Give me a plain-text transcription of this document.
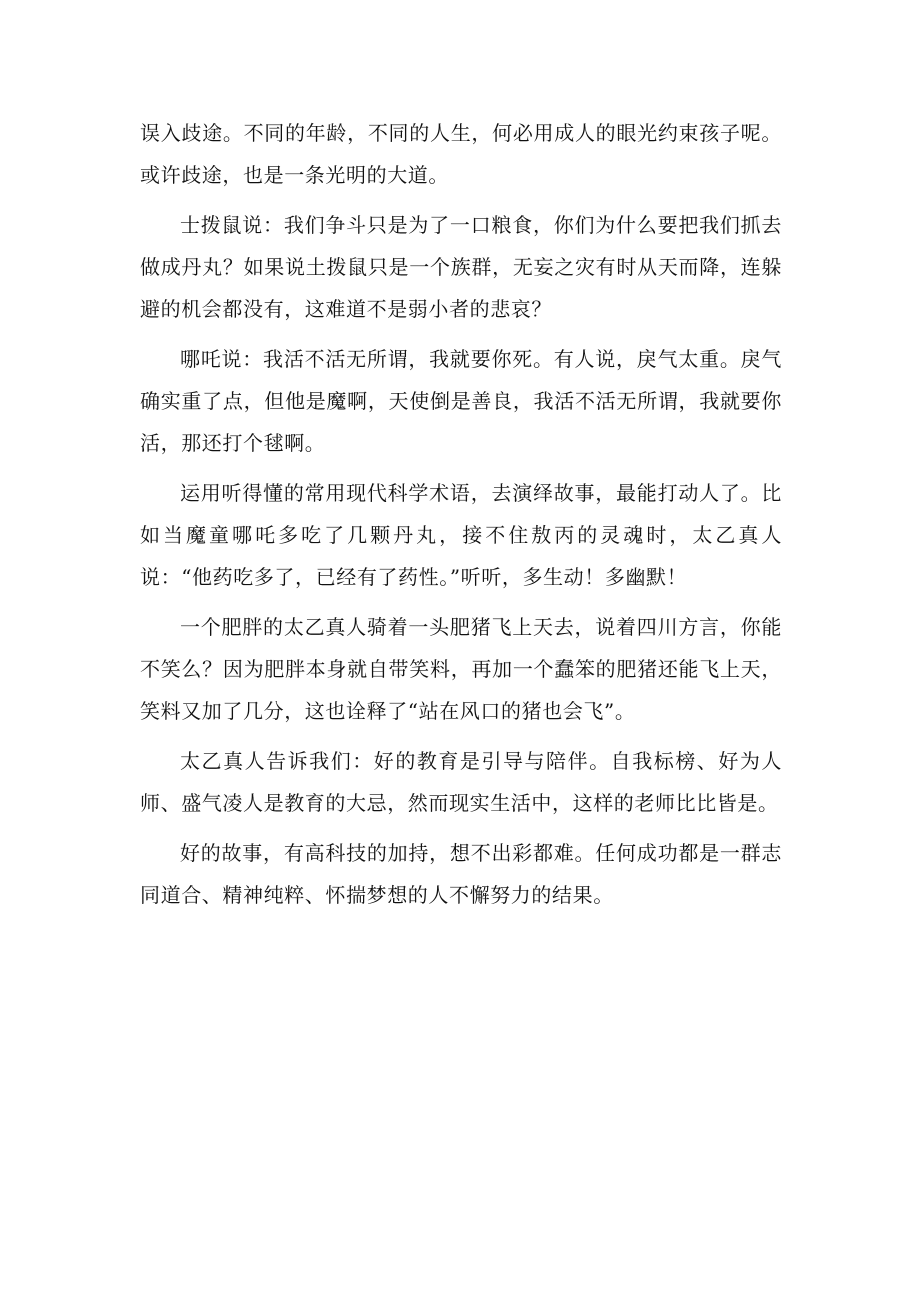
误入歧途。不同的年龄，不同的人生，何必用成人的眼光约束孩子呢。或许歧途，也是一条光明的大道。

士拨鼠说：我们争斗只是为了一口粮食，你们为什么要把我们抓去做成丹丸？如果说土拨鼠只是一个族群，无妄之灾有时从天而降，连躲避的机会都没有，这难道不是弱小者的悲哀？

哪吒说：我活不活无所谓，我就要你死。有人说，戾气太重。戾气确实重了点，但他是魔啊，天使倒是善良，我活不活无所谓，我就要你活，那还打个毬啊。

运用听得懂的常用现代科学术语，去演绎故事，最能打动人了。比如当魔童哪吒多吃了几颗丹丸，接不住敖丙的灵魂时，太乙真人说：“他药吃多了，已经有了药性。”听听，多生动！多幽默！

一个肥胖的太乙真人骑着一头肥猪飞上天去，说着四川方言，你能不笑么？因为肥胖本身就自带笑料，再加一个蠢笨的肥猪还能飞上天，笑料又加了几分，这也诠释了“站在风口的猪也会飞”。

太乙真人告诉我们：好的教育是引导与陪伴。自我标榜、好为人师、盛气凌人是教育的大忌，然而现实生活中，这样的老师比比皆是。

好的故事，有高科技的加持，想不出彩都难。任何成功都是一群志同道合、精神纯粹、怀揣梦想的人不懈努力的结果。
